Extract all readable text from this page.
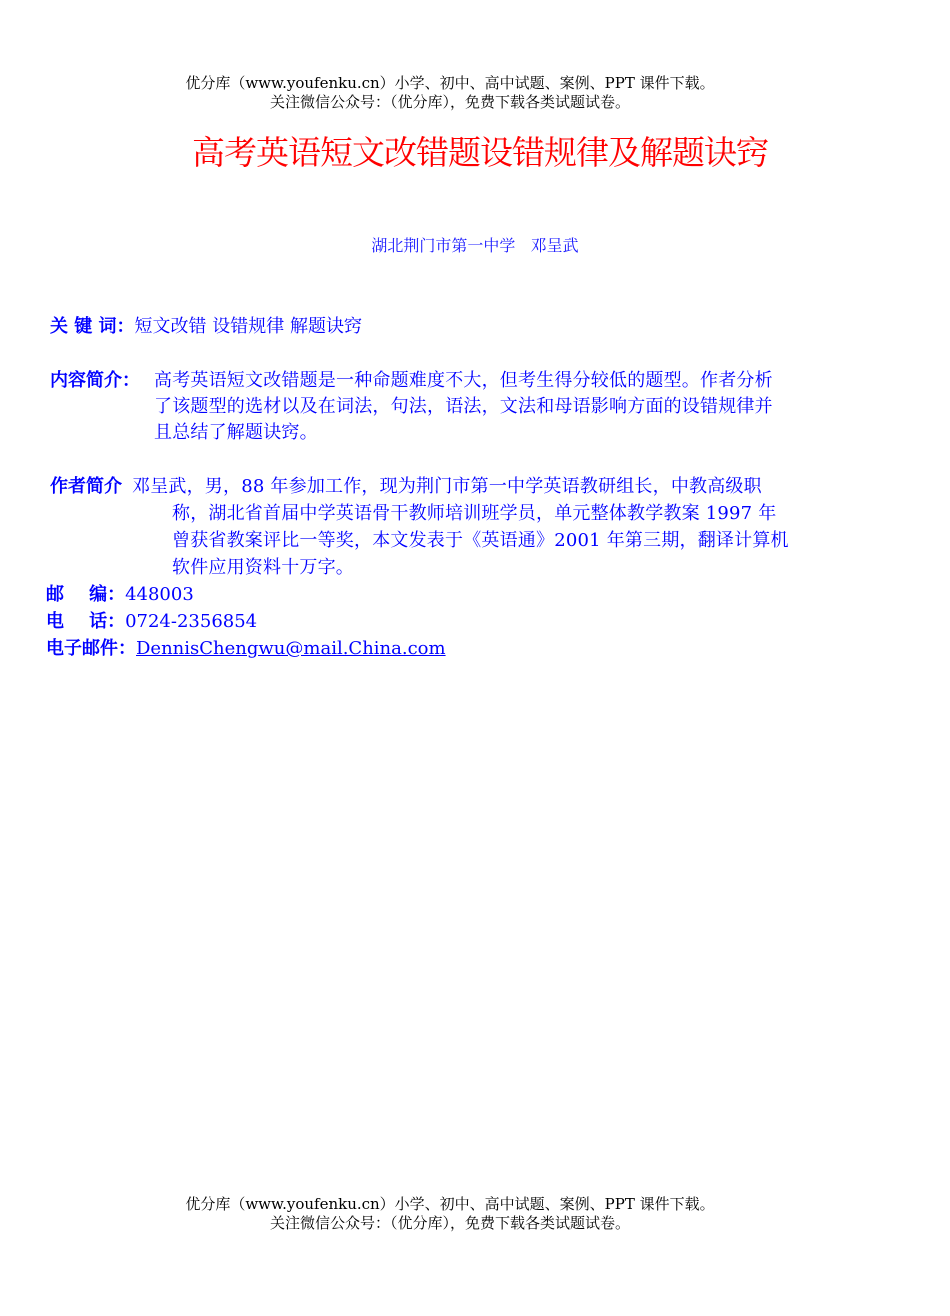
优分库（www.youfenku.cn）小学、初中、高中试题、案例、PPT 课件下载。
关注微信公众号：（优分库），免费下载各类试题试卷。
高考英语短文改错题设错规律及解题诀窍
湖北荆门市第一中学   邓呈武
关 键 词：短文改错 设错规律 解题诀窍
内容简介： 高考英语短文改错题是一种命题难度不大，但考生得分较低的题型。作者分析
了该题型的选材以及在词法，句法，语法，文法和母语影响方面的设错规律并
且总结了解题诀窍。
作者简介 邓呈武，男，88 年参加工作，现为荆门市第一中学英语教研组长，中教高级职
称，湖北省首届中学英语骨干教师培训班学员，单元整体教学教案 1997 年
曾获省教案评比一等奖，本文发表于《英语通》2001 年第三期，翻译计算机
软件应用资料十万字。
邮    编：448003
电    话：0724-2356854
电子邮件：DennisChengwu@mail.China.com
优分库（www.youfenku.cn）小学、初中、高中试题、案例、PPT 课件下载。
关注微信公众号：（优分库），免费下载各类试题试卷。
